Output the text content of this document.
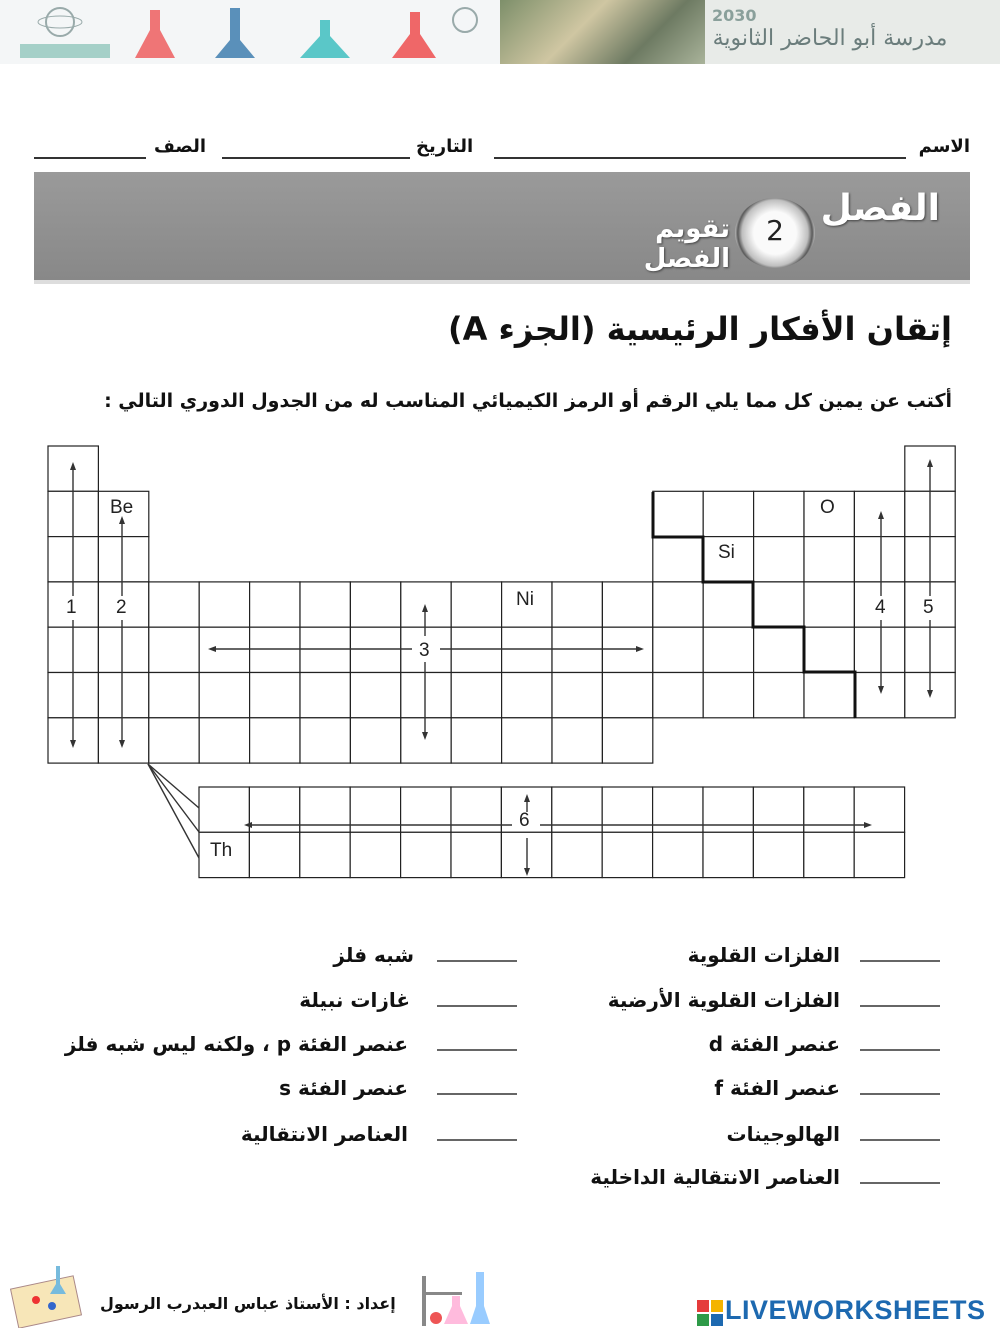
2030
مدرسة أبو الحاضر الثانوية
الاسم
التاريخ
الصف
الفصل
2
تقويم الفصل
إتقان الأفكار الرئيسية (الجزء A)
أكتب عن يمين كل مما يلي الرقم أو الرمز الكيميائي المناسب له من الجدول الدوري التالي :
Be	O
Si
Ni
Th
1 2
3
4 5
6
الفلزات القلوية
الفلزات القلوية الأرضية
عنصر الفئة d
عنصر الفئة f
الهالوجينات
العناصر الانتقالية الداخلية
شبه فلز
غازات نبيلة
عنصر الفئة p ، ولكنه ليس شبه فلز
عنصر الفئة s
العناصر الانتقالية
إعداد : الأستاذ عباس العبدرب الرسول	LIVEWORKSHEETS
